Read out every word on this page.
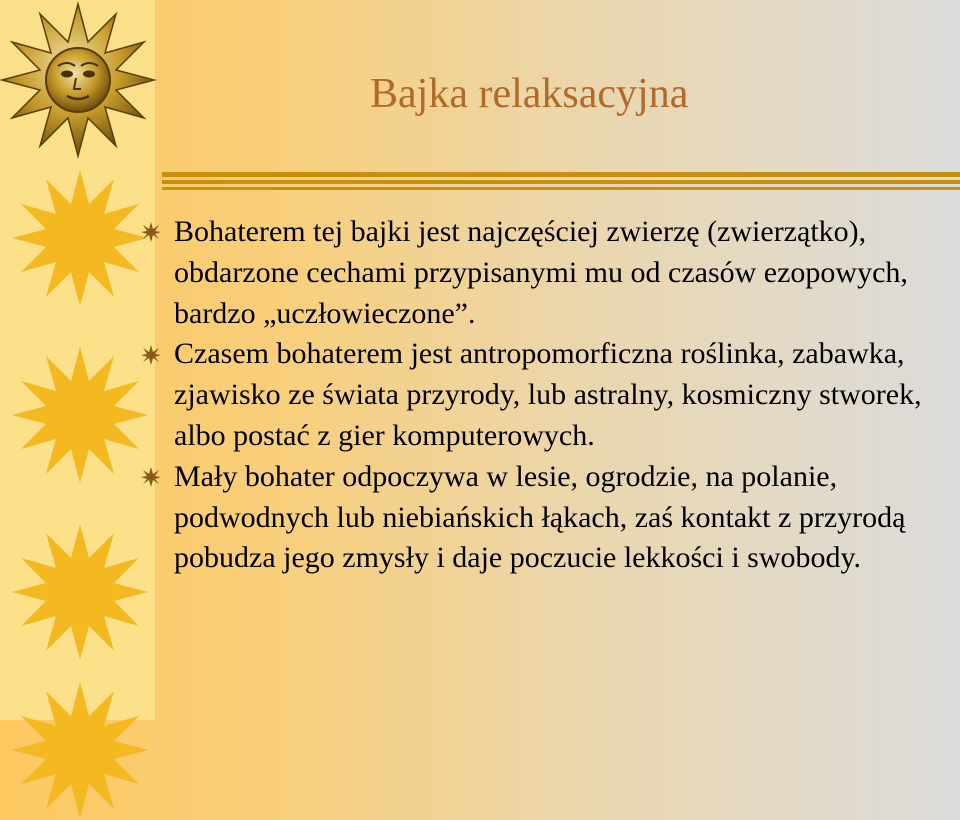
Bajka relaksacyjna
Bohaterem tej bajki jest najczęściej zwierzę (zwierzątko), obdarzone cechami przypisanymi mu od czasów ezopowych, bardzo „uczłowieczone”.
Czasem bohaterem jest antropomorficzna roślinka, zabawka, zjawisko ze świata przyrody, lub astralny, kosmiczny stworek, albo postać z gier komputerowych.
Mały bohater odpoczywa w lesie, ogrodzie, na polanie, podwodnych lub niebiańskich łąkach, zaś kontakt z przyrodą pobudza jego zmysły i daje poczucie lekkości i swobody.
